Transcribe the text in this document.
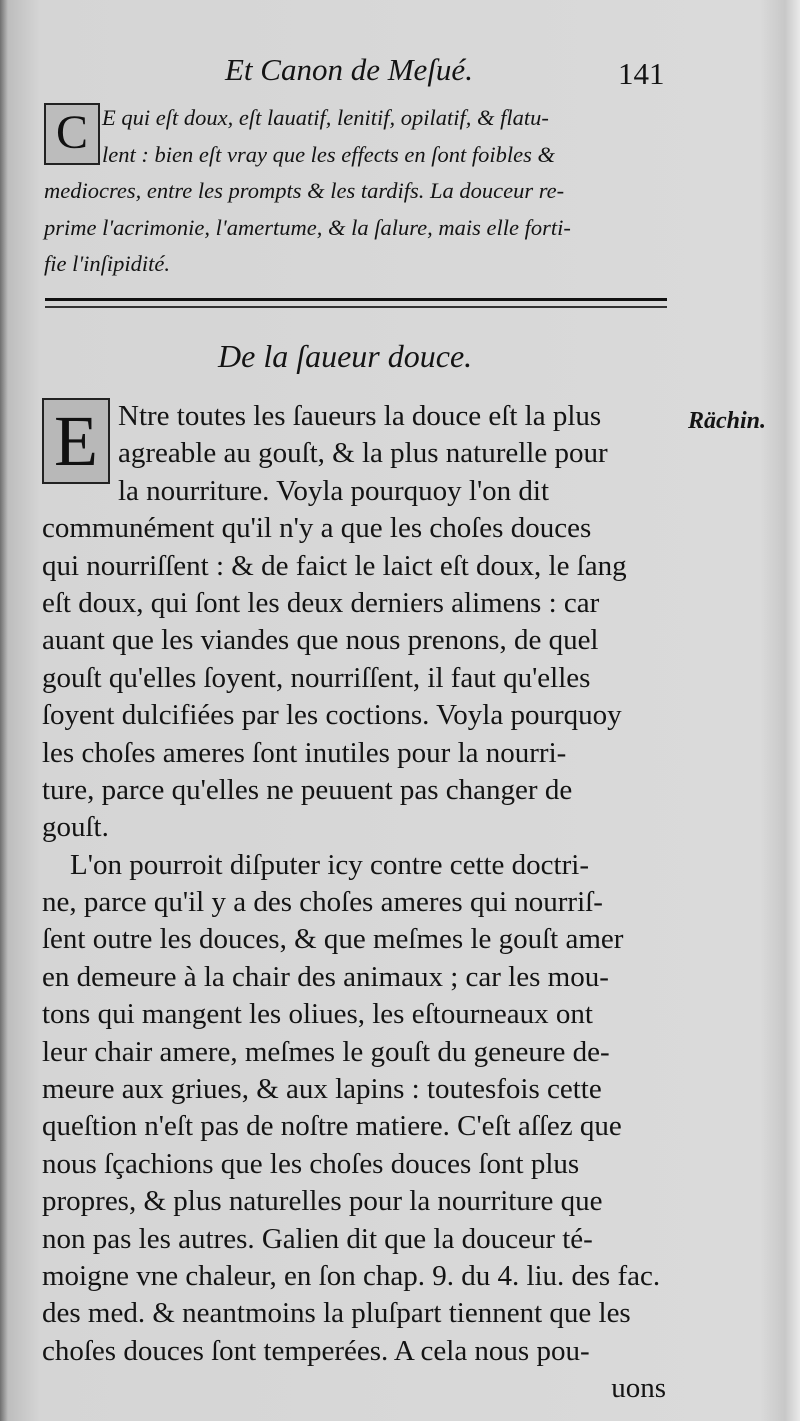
Et Canon de Meſué.	141
C E qui eſt doux, eſt lauatif, lenitif, opilatif, & flatu-
lent : bien eſt vray que les effects en ſont foibles &
mediocres, entre les prompts & les tardifs. La douceur re-
prime l'acrimonie, l'amertume, & la ſalure, mais elle forti-
fie l'inſipidité.
De la ſaueur douce.
Rächin.
E Ntre toutes les ſaueurs la douce eſt la plus
agreable au gouſt, & la plus naturelle pour
la nourriture. Voyla pourquoy l'on dit
communément qu'il n'y a que les choſes douces
qui nourriſſent : & de faict le laict eſt doux, le ſang
eſt doux, qui ſont les deux derniers alimens : car
auant que les viandes que nous prenons, de quel
gouſt qu'elles ſoyent, nourriſſent, il faut qu'elles
ſoyent dulcifiées par les coctions. Voyla pourquoy
les choſes ameres ſont inutiles pour la nourri-
ture, parce qu'elles ne peuuent pas changer de
gouſt.
L'on pourroit diſputer icy contre cette doctri-
ne, parce qu'il y a des choſes ameres qui nourriſ-
ſent outre les douces, & que meſmes le gouſt amer
en demeure à la chair des animaux ; car les mou-
tons qui mangent les oliues, les eſtourneaux ont
leur chair amere, meſmes le gouſt du geneure de-
meure aux griues, & aux lapins : toutesfois cette
queſtion n'eſt pas de noſtre matiere. C'eſt aſſez que
nous ſçachions que les choſes douces ſont plus
propres, & plus naturelles pour la nourriture que
non pas les autres. Galien dit que la douceur té-
moigne vne chaleur, en ſon chap. 9. du 4. liu. des fac.
des med. & neantmoins la pluſpart tiennent que les
choſes douces ſont temperées. A cela nous pou-
uons
